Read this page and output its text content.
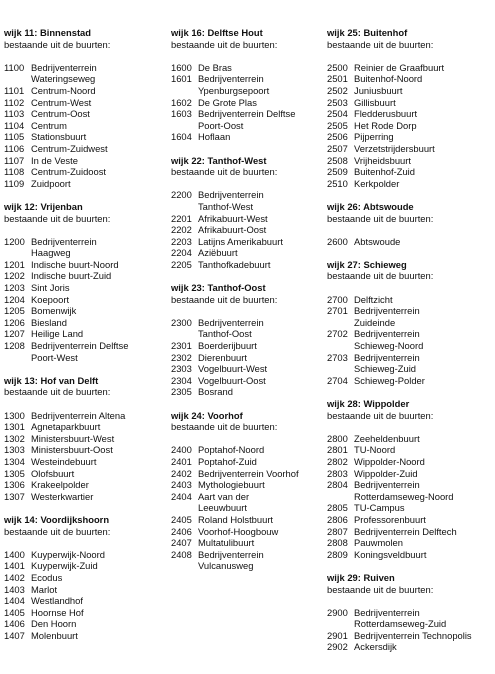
wijk 11: Binnenstad
bestaande uit de buurten:
1100 Bedrijventerrein
Wateringseweg
1101 Centrum-Noord
1102 Centrum-West
1103 Centrum-Oost
1104 Centrum
1105 Stationsbuurt
1106 Centrum-Zuidwest
1107 In de Veste
1108 Centrum-Zuidoost
1109 Zuidpoort
wijk 12: Vrijenban
bestaande uit de buurten:
1200 Bedrijventerrein
Haagweg
1201 Indische buurt-Noord
1202 Indische buurt-Zuid
1203 Sint Joris
1204 Koepoort
1205 Bomenwijk
1206 Biesland
1207 Heilige Land
1208 Bedrijventerrein Delftse
Poort-West
wijk 13: Hof van Delft
bestaande uit de buurten:
1300 Bedrijventerrein Altena
1301 Agnetaparkbuurt
1302 Ministersbuurt-West
1303 Ministersbuurt-Oost
1304 Westeindebuurt
1305 Olofsbuurt
1306 Krakeelpolder
1307 Westerkwartier
wijk 14: Voordijkshoorn
bestaande uit de buurten:
1400 Kuyperwijk-Noord
1401 Kuyperwijk-Zuid
1402 Ecodus
1403 Marlot
1404 Westlandhof
1405 Hoornse Hof
1406 Den Hoorn
1407 Molenbuurt
wijk 16: Delftse Hout
bestaande uit de buurten:
1600 De Bras
1601 Bedrijventerrein
Ypenburgsepoort
1602 De Grote Plas
1603 Bedrijventerrein Delftse
Poort-Oost
1604 Hoflaan
wijk 22: Tanthof-West
bestaande uit de buurten:
2200 Bedrijventerrein
Tanthof-West
2201 Afrikabuurt-West
2202 Afrikabuurt-Oost
2203 Latijns Amerikabuurt
2204 Aziëbuurt
2205 Tanthofkadebuurt
wijk 23: Tanthof-Oost
bestaande uit de buurten:
2300 Bedrijventerrein
Tanthof-Oost
2301 Boerderijbuurt
2302 Dierenbuurt
2303 Vogelbuurt-West
2304 Vogelbuurt-Oost
2305 Bosrand
wijk 24: Voorhof
bestaande uit de buurten:
2400 Poptahof-Noord
2401 Poptahof-Zuid
2402 Bedrijventerrein Voorhof
2403 Mythologiebuurt
2404 Aart van der
Leeuwbuurt
2405 Roland Holstbuurt
2406 Voorhof-Hoogbouw
2407 Multatulibuurt
2408 Bedrijventerrein
Vulcanusweg
wijk 25: Buitenhof
bestaande uit de buurten:
2500 Reinier de Graafbuurt
2501 Buitenhof-Noord
2502 Juniusbuurt
2503 Gillisbuurt
2504 Fledderusbuurt
2505 Het Rode Dorp
2506 Pijperring
2507 Verzetstrijdersbuurt
2508 Vrijheidsbuurt
2509 Buitenhof-Zuid
2510 Kerkpolder
wijk 26: Abtswoude
bestaande uit de buurten:
2600 Abtswoude
wijk 27: Schieweg
bestaande uit de buurten:
2700 Delftzicht
2701 Bedrijventerrein
Zuideinde
2702 Bedrijventerrein
Schieweg-Noord
2703 Bedrijventerrein
Schieweg-Zuid
2704 Schieweg-Polder
wijk 28: Wippolder
bestaande uit de buurten:
2800 Zeeheldenbuurt
2801 TU-Noord
2802 Wippolder-Noord
2803 Wippolder-Zuid
2804 Bedrijventerrein
Rotterdamseweg-Noord
2805 TU-Campus
2806 Professorenbuurt
2807 Bedrijventerrein Delftech
2808 Pauwmolen
2809 Koningsveldbuurt
wijk 29: Ruiven
bestaande uit de buurten:
2900 Bedrijventerrein
Rotterdamseweg-Zuid
2901 Bedrijventerrein Technopolis
2902 Ackersdijk
